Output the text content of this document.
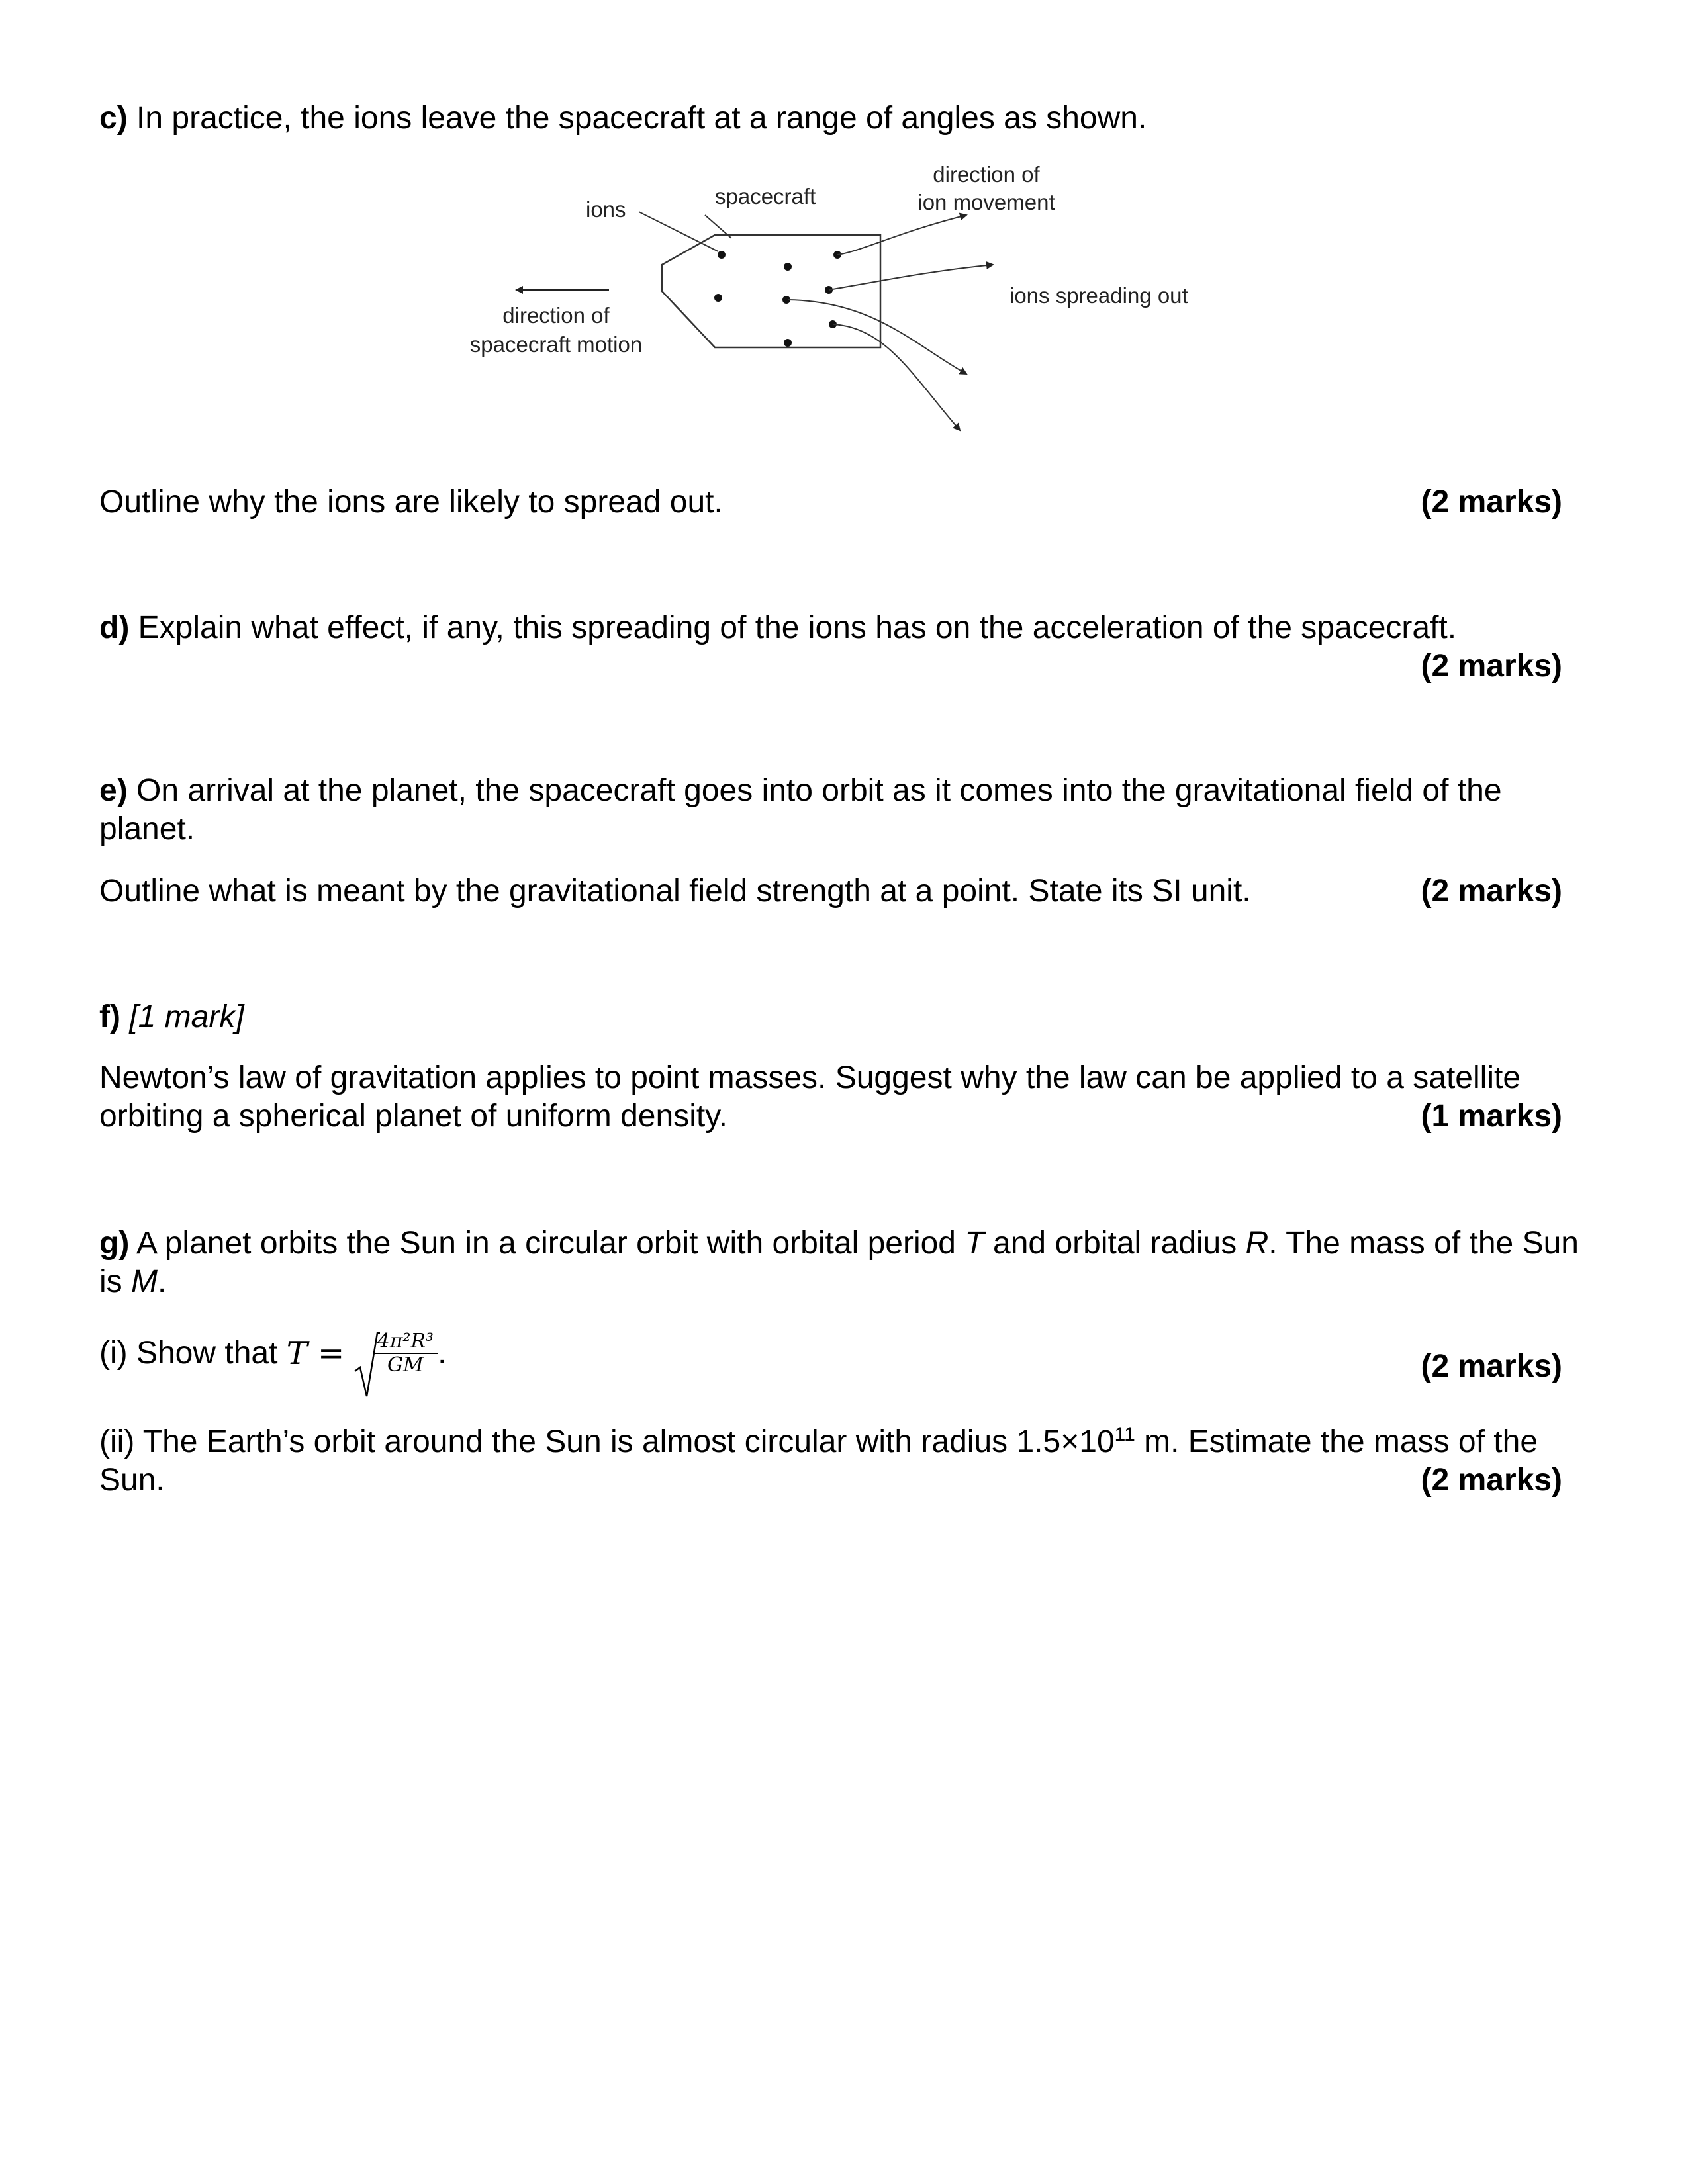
c) In practice, the ions leave the spacecraft at a range of angles as shown.
ions
spacecraft
direction of
ion movement
ions spreading out
direction of
spacecraft motion
Outline why the ions are likely to spread out.	(2 marks)
d) Explain what effect, if any, this spreading of the ions has on the acceleration of the spacecraft.
(2 marks)
e) On arrival at the planet, the spacecraft goes into orbit as it comes into the gravitational field of the planet.
Outline what is meant by the gravitational field strength at a point. State its SI unit.	(2 marks)
f) [1 mark]
Newton’s law of gravitation applies to point masses. Suggest why the law can be applied to a satellite orbiting a spherical planet of uniform density.	(1 marks)
g) A planet orbits the Sun in a circular orbit with orbital period T and orbital radius R. The mass of the Sun is M.
(i) Show that $T = \frac{\text{4π²R³}}{GM}$ .	(2 marks)
(ii) The Earth’s orbit around the Sun is almost circular with radius $1.5\times 10^{11}$ m. Estimate the mass of the Sun.	(2 marks)
